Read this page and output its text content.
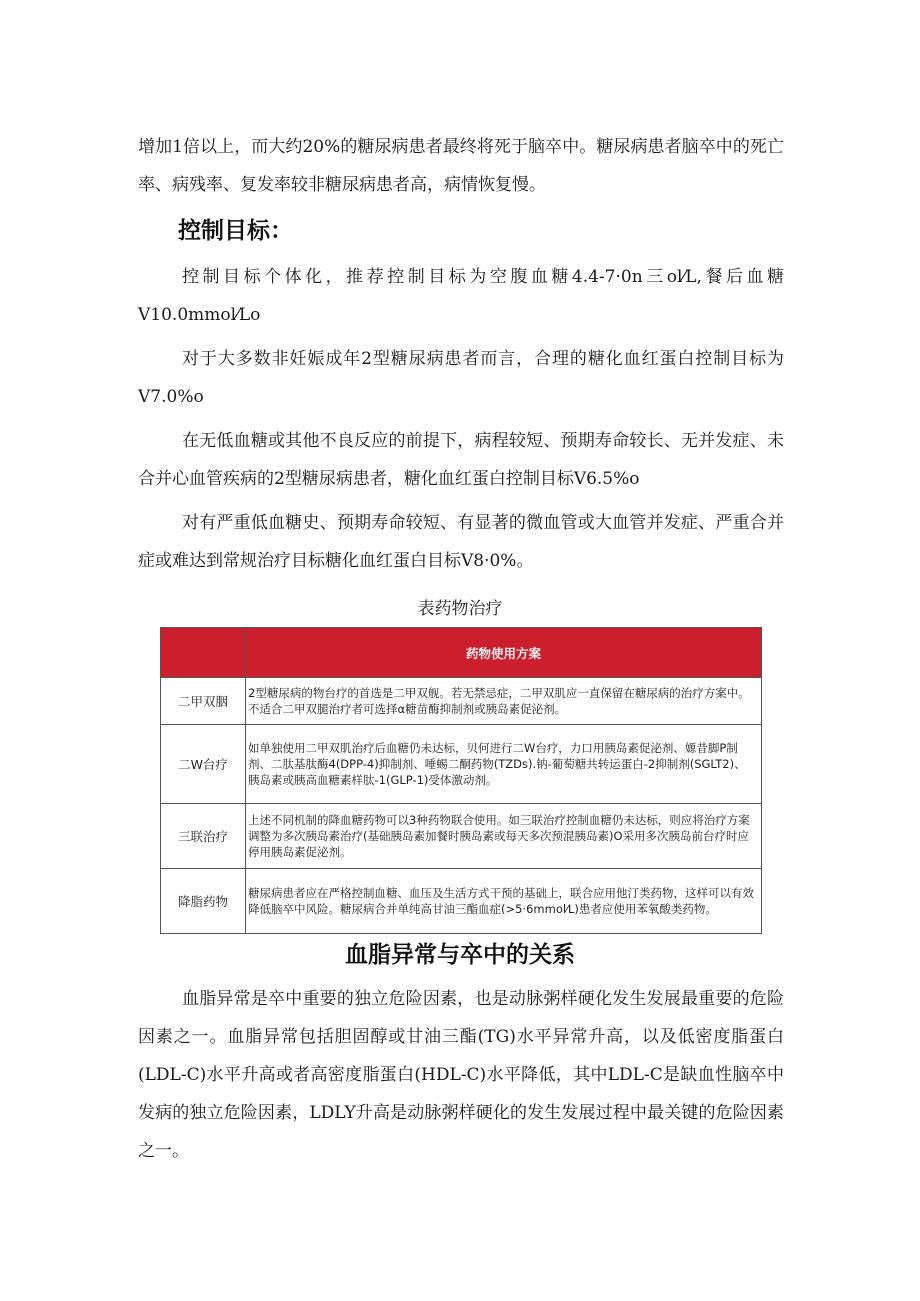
增加1倍以上，而大约20%的糖尿病患者最终将死于脑卒中。糖尿病患者脑卒中的死亡率、病残率、复发率较非糖尿病患者高，病情恢复慢。

控制目标：

控制目标个体化，推荐控制目标为空腹血糖4.4-7·0n三ol⁄L,餐后血糖V10.0mmol⁄Lo

对于大多数非妊娠成年2型糖尿病患者而言，合理的糖化血红蛋白控制目标为V7.0%o

在无低血糖或其他不良反应的前提下，病程较短、预期寿命较长、无并发症、未合并心血管疾病的2型糖尿病患者，糖化血红蛋白控制目标V6.5%o

对有严重低血糖史、预期寿命较短、有显著的微血管或大血管并发症、严重合并症或难达到常规治疗目标糖化血红蛋白目标V8·0%。

表药物治疗

	药物使用方案
二甲双胭	2型糖尿病的物台疗的首选是二甲双舰。若无禁忌症，二甲双肌应一直保留在糖尿病的治疗方案中。不适合二甲双腿治疗者可选择α糖苗酶抑制剂或胰岛素促泌剂。
二W台疗	如单独使用二甲双肌治疗后血糖仍未达标，贝何进行二W台疗，力口用胰岛素促泌剂、嫄昔脚P制剂、二肽基肽酶4(DPP-4)抑制剂、唾蜴二酮药物(TZDs).钠-葡萄糖共转运蛋白-2抑制剂(SGLT2)、胰岛素或胰高血糖素样肽-1(GLP-1)受体激动剂。
三联治疗	上述不同机制的降血糖药物可以3种药物联合使用。如三联治疗控制血糖仍未达标，则应将治疗方案调整为多次胰岛素治疗(基础胰岛素加餐时胰岛素或每天多次预混胰岛素)O采用多次胰岛前台疗时应停用胰岛素促泌剂。
降脂药物	糖尿病患者应在严格控制血糖、血压及生活方式干预的基础上，联合应用他汀类药物，这样可以有效降低脑卒中风险。糖尿病合并单纯高甘油三酯血症(>5·6mmol⁄L)患者应使用苯氧酸类药物。
血脂异常与卒中的关系

血脂异常是卒中重要的独立危险因素，也是动脉粥样硬化发生发展最重要的危险因素之一。血脂异常包括胆固醇或甘油三酯(TG)水平异常升高，以及低密度脂蛋白(LDL-C)水平升高或者高密度脂蛋白(HDL-C)水平降低，其中LDL-C是缺血性脑卒中发病的独立危险因素，LDLY升高是动脉粥样硬化的发生发展过程中最关键的危险因素之一。
